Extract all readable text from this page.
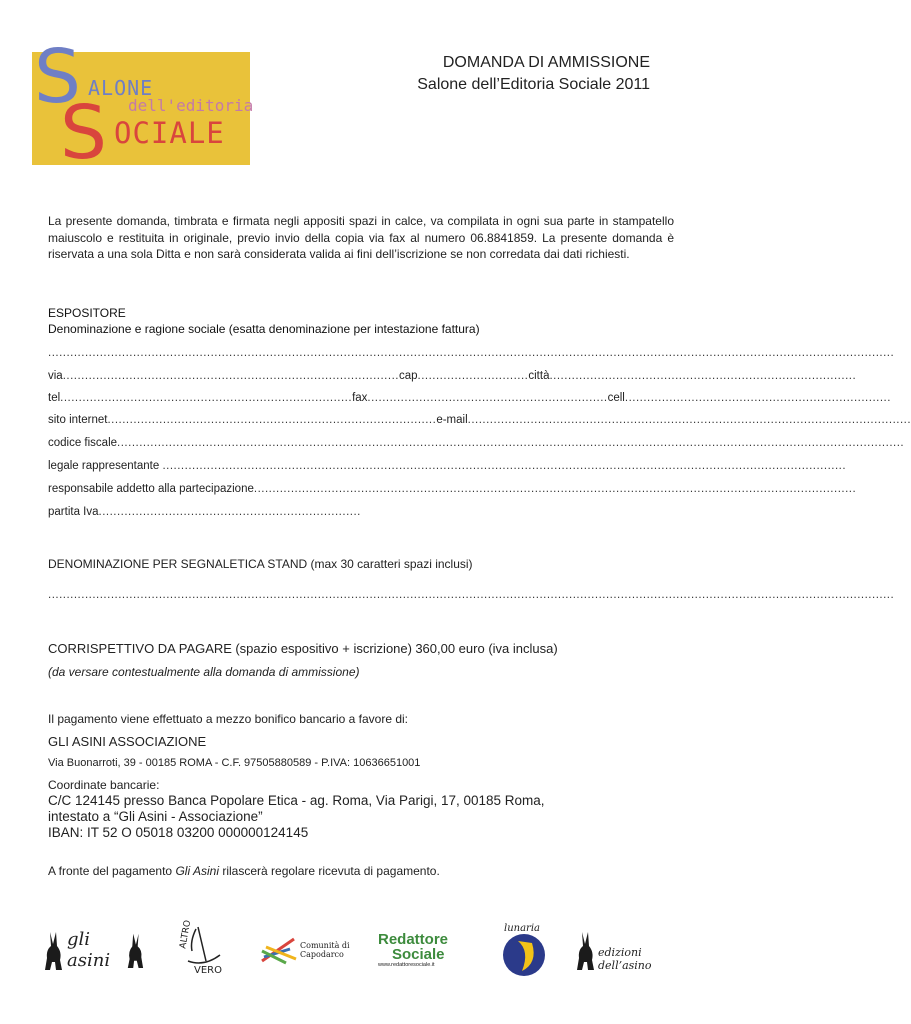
S
S
ALONE
dell'editoria
OCIALE
DOMANDA DI AMMISSIONE
Salone dell’Editoria Sociale 2011
La presente domanda, timbrata e firmata negli appositi spazi in calce, va compilata in ogni sua parte in stampatello maiuscolo e restituita in originale, previo invio della copia via fax al numero 06.8841859. La presente domanda è riservata a una sola Ditta e non sarà considerata valida ai fini dell’iscrizione se non corredata dai dati richiesti.
ESPOSITORE
Denominazione e ragione sociale (esatta denominazione per intestazione fattura)
.....................................................................................................................................................................................................................................
via...........................................................................................cap..............................città...................................................................................
tel...............................................................................fax.................................................................cell........................................................................
sito internet.........................................................................................e-mail........................................................................................................................
codice fiscale.....................................................................................................................................................................................................................
legale rappresentante .........................................................................................................................................................................................
responsabile addetto alla partecipazione...................................................................................................................................................................
partita Iva.......................................................................
DENOMINAZIONE PER SEGNALETICA STAND (max 30 caratteri spazi inclusi)
.....................................................................................................................................................................................................................................
CORRISPETTIVO DA PAGARE (spazio espositivo + iscrizione) 360,00 euro (iva inclusa)
(da versare contestualmente alla domanda di ammissione)
Il pagamento viene effettuato a mezzo bonifico bancario a favore di:
GLI ASINI ASSOCIAZIONE
Via Buonarroti, 39 - 00185 ROMA - C.F. 97505880589 - P.IVA: 10636651001
Coordinate bancarie:
C/C 124145 presso Banca Popolare Etica - ag. Roma, Via Parigi, 17, 00185 Roma,
intestato a “Gli Asini - Associazione”
IBAN: IT 52 O 05018 03200 000000124145
A fronte del pagamento Gli Asini rilascerà regolare ricevuta di pagamento.
gli asini
ALTRO
VERO
Comunità di Capodarco
Redattore
Sociale
www.redattoresociale.it
lunaria
edizioni dell’asino
